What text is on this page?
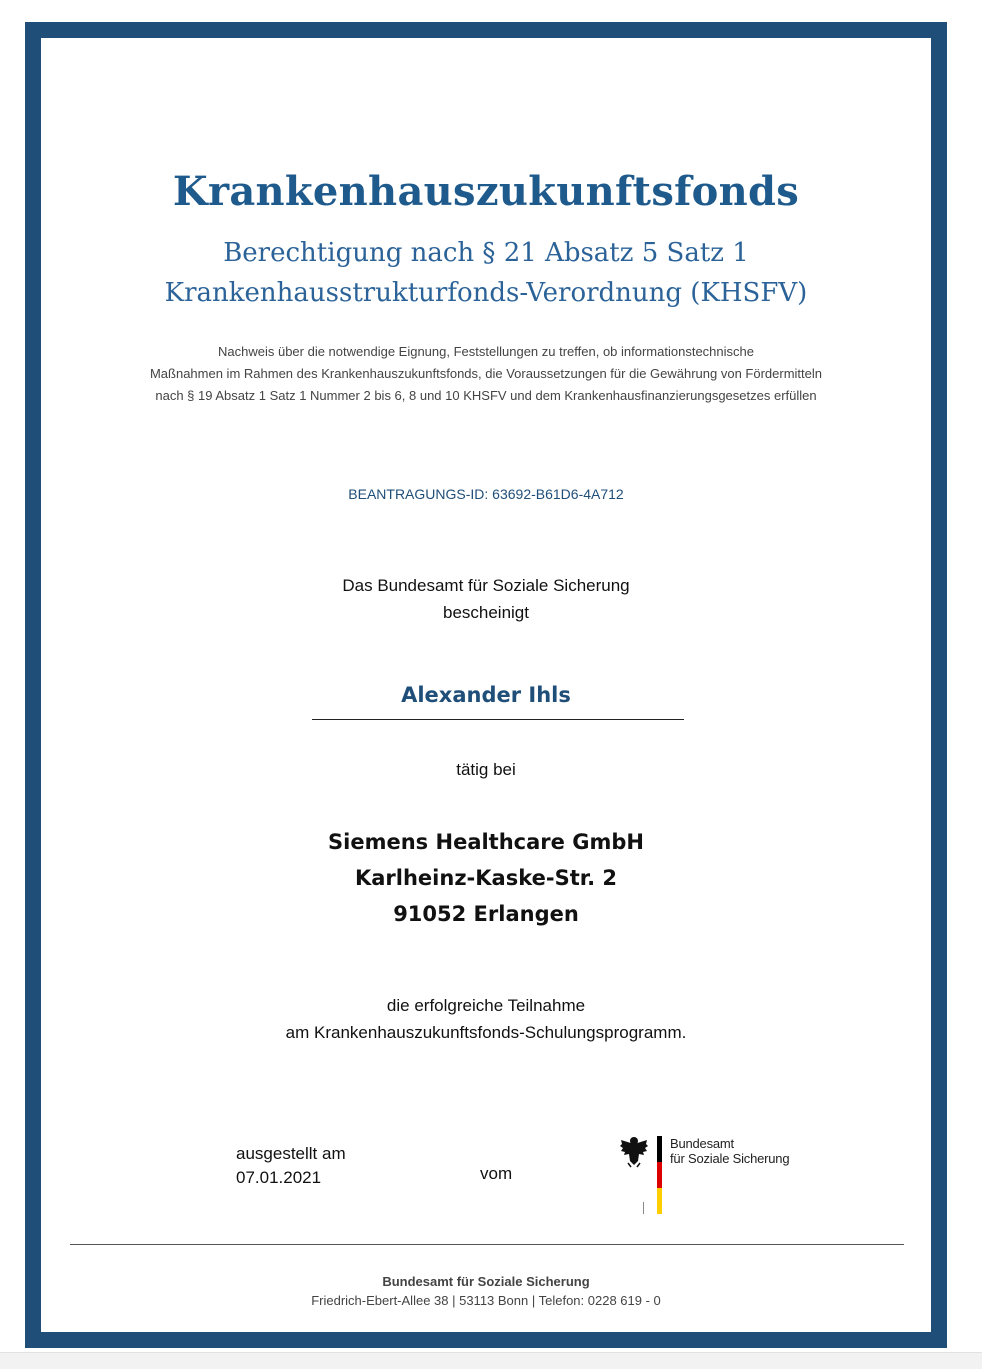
Krankenhauszukunftsfonds
Berechtigung nach § 21 Absatz 5 Satz 1
Krankenhausstrukturfonds-Verordnung (KHSFV)
Nachweis über die notwendige Eignung, Feststellungen zu treffen, ob informationstechnische
Maßnahmen im Rahmen des Krankenhauszukunftsfonds, die Voraussetzungen für die Gewährung von Fördermitteln
nach § 19 Absatz 1 Satz 1 Nummer 2 bis 6, 8 und 10 KHSFV und dem Krankenhausfinanzierungsgesetzes erfüllen
BEANTRAGUNGS-ID: 63692-B61D6-4A712
Das Bundesamt für Soziale Sicherung
bescheinigt
Alexander Ihls
tätig bei
Siemens Healthcare GmbH
Karlheinz-Kaske-Str. 2
91052 Erlangen
die erfolgreiche Teilnahme
am Krankenhauszukunftsfonds-Schulungsprogramm.
ausgestellt am
07.01.2021	vom
Bundesamt
für Soziale Sicherung
Bundesamt für Soziale Sicherung
Friedrich-Ebert-Allee 38 | 53113 Bonn | Telefon: 0228 619 - 0
